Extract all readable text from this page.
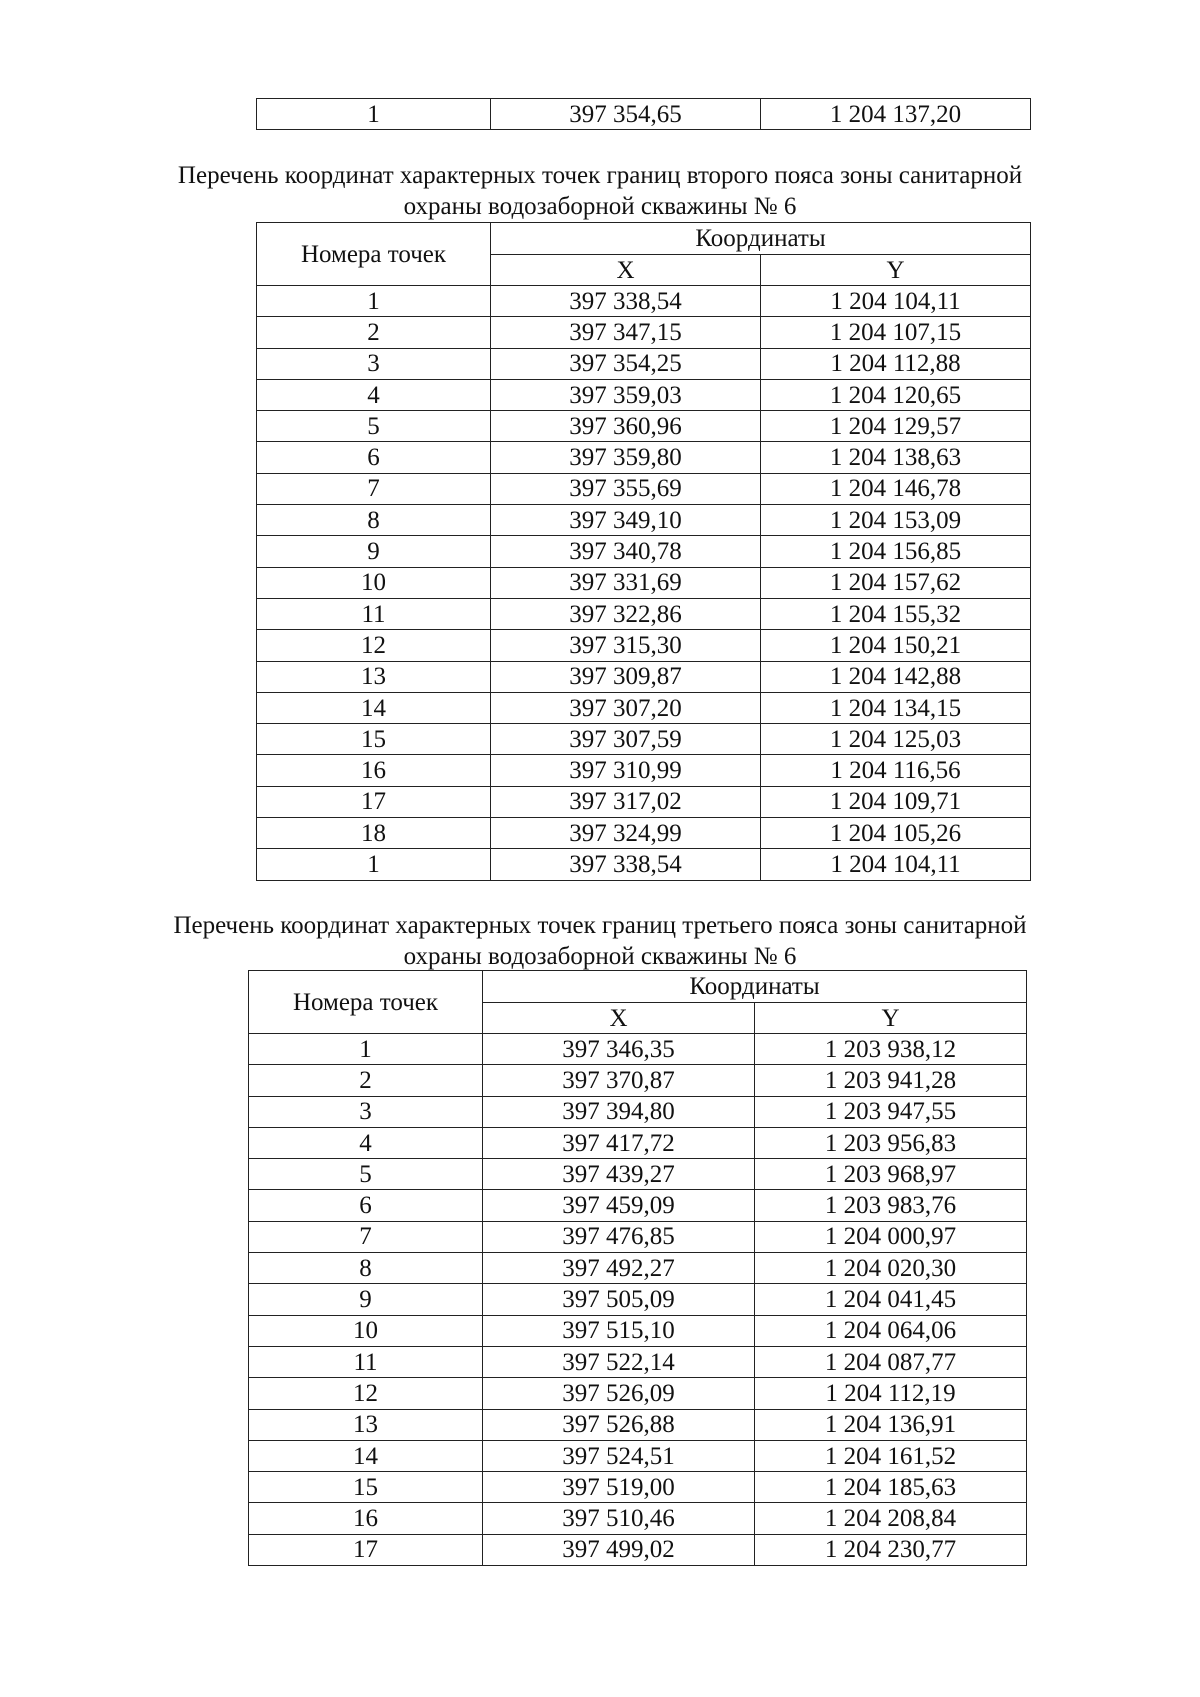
1	397 354,65	1 204 137,20
Перечень координат характерных точек границ второго пояса зоны санитарной
охраны водозаборной скважины № 6
Номера точек	Координаты	
	X	Y
1	397 338,54	1 204 104,11
2	397 347,15	1 204 107,15
3	397 354,25	1 204 112,88
4	397 359,03	1 204 120,65
5	397 360,96	1 204 129,57
6	397 359,80	1 204 138,63
7	397 355,69	1 204 146,78
8	397 349,10	1 204 153,09
9	397 340,78	1 204 156,85
10	397 331,69	1 204 157,62
11	397 322,86	1 204 155,32
12	397 315,30	1 204 150,21
13	397 309,87	1 204 142,88
14	397 307,20	1 204 134,15
15	397 307,59	1 204 125,03
16	397 310,99	1 204 116,56
17	397 317,02	1 204 109,71
18	397 324,99	1 204 105,26
1	397 338,54	1 204 104,11
Перечень координат характерных точек границ третьего пояса зоны санитарной
охраны водозаборной скважины № 6
Номера точек	Координаты	
	X	Y
1	397 346,35	1 203 938,12
2	397 370,87	1 203 941,28
3	397 394,80	1 203 947,55
4	397 417,72	1 203 956,83
5	397 439,27	1 203 968,97
6	397 459,09	1 203 983,76
7	397 476,85	1 204 000,97
8	397 492,27	1 204 020,30
9	397 505,09	1 204 041,45
10	397 515,10	1 204 064,06
11	397 522,14	1 204 087,77
12	397 526,09	1 204 112,19
13	397 526,88	1 204 136,91
14	397 524,51	1 204 161,52
15	397 519,00	1 204 185,63
16	397 510,46	1 204 208,84
17	397 499,02	1 204 230,77
